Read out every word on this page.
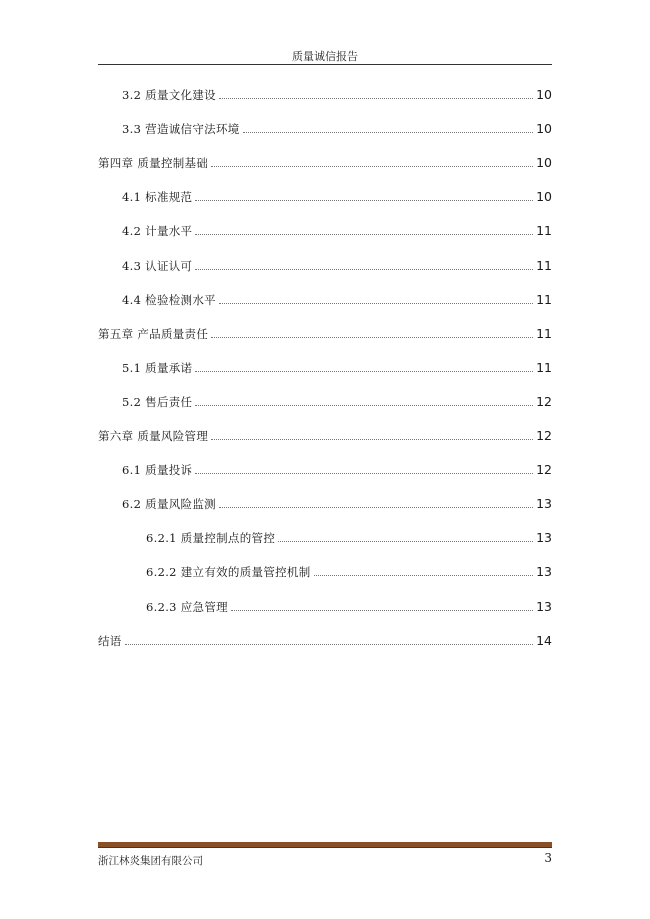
质量诚信报告
3.2 质量文化建设	10
3.3 营造诚信守法环境	10
第四章 质量控制基础	10
4.1 标准规范	10
4.2 计量水平	11
4.3 认证认可	11
4.4 检验检测水平	11
第五章 产品质量责任	11
5.1 质量承诺	11
5.2 售后责任	12
第六章 质量风险管理	12
6.1 质量投诉	12
6.2 质量风险监测	13
6.2.1 质量控制点的管控	13
6.2.2 建立有效的质量管控机制	13
6.2.3 应急管理	13
结语	14
浙江林炎集团有限公司	3
